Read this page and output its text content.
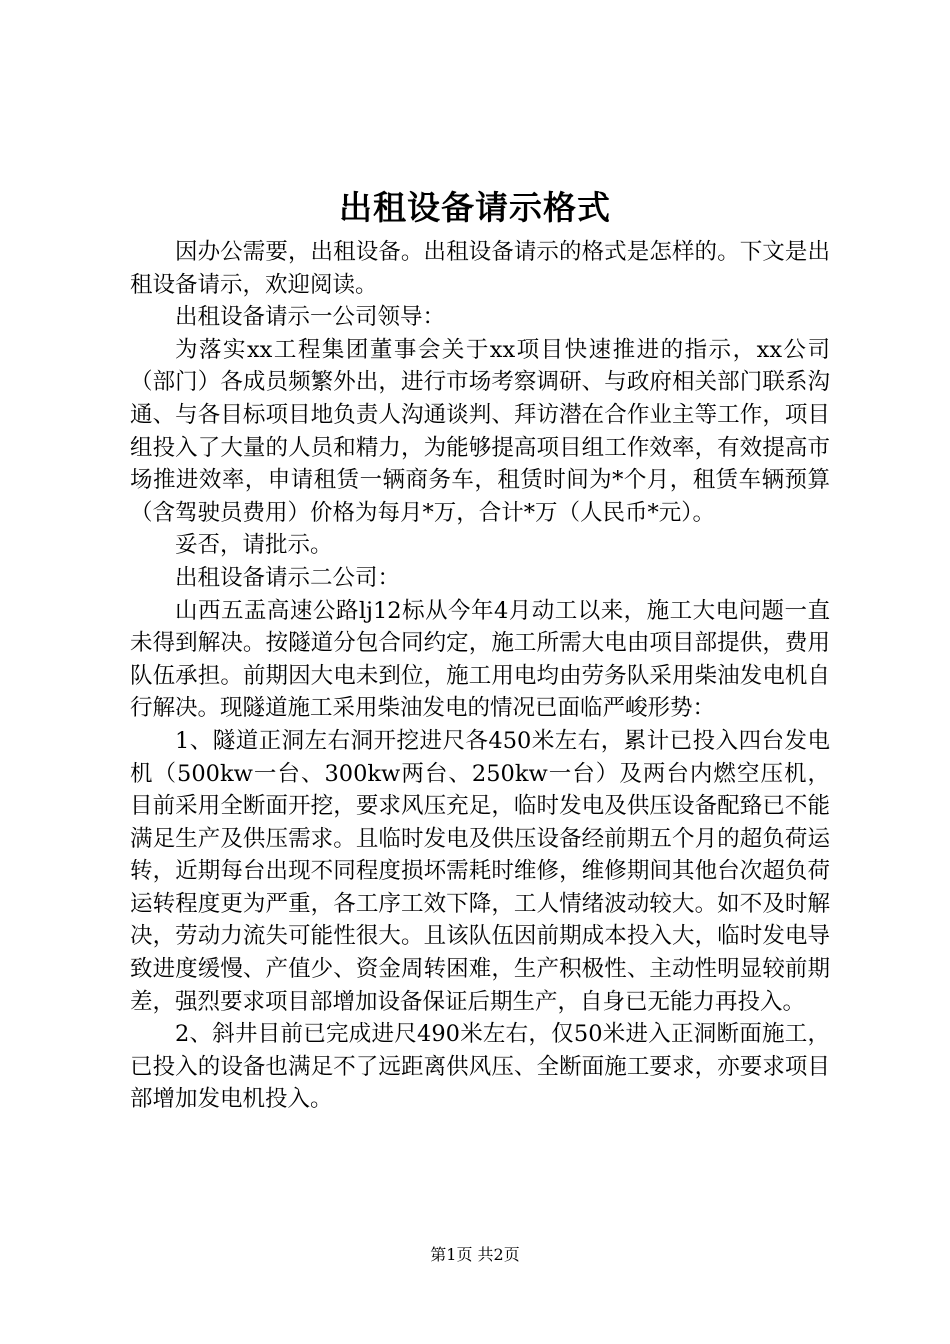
出租设备请示格式

因办公需要，出租设备。出租设备请示的格式是怎样的。下文是出租设备请示，欢迎阅读。

出租设备请示一公司领导：

为落实xx工程集团董事会关于xx项目快速推进的指示，xx公司（部门）各成员频繁外出，进行市场考察调研、与政府相关部门联系沟通、与各目标项目地负责人沟通谈判、拜访潜在合作业主等工作，项目组投入了大量的人员和精力，为能够提高项目组工作效率，有效提高市场推进效率，申请租赁一辆商务车，租赁时间为*个月，租赁车辆预算（含驾驶员费用）价格为每月*万，合计*万（人民币*元）。

妥否，请批示。

出租设备请示二公司：

山西五盂高速公路lj12标从今年4月动工以来，施工大电问题一直未得到解决。按隧道分包合同约定，施工所需大电由项目部提供，费用队伍承担。前期因大电未到位，施工用电均由劳务队采用柴油发电机自行解决。现隧道施工采用柴油发电的情况已面临严峻形势：

1、隧道正洞左右洞开挖进尺各450米左右，累计已投入四台发电机（500kw一台、300kw两台、250kw一台）及两台内燃空压机，目前采用全断面开挖，要求风压充足，临时发电及供压设备配臵已不能满足生产及供压需求。且临时发电及供压设备经前期五个月的超负荷运转，近期每台出现不同程度损坏需耗时维修，维修期间其他台次超负荷运转程度更为严重，各工序工效下降，工人情绪波动较大。如不及时解决，劳动力流失可能性很大。且该队伍因前期成本投入大，临时发电导致进度缓慢、产值少、资金周转困难，生产积极性、主动性明显较前期差，强烈要求项目部增加设备保证后期生产，自身已无能力再投入。

2、斜井目前已完成进尺490米左右，仅50米进入正洞断面施工，已投入的设备也满足不了远距离供风压、全断面施工要求，亦要求项目部增加发电机投入。

第1页 共2页
